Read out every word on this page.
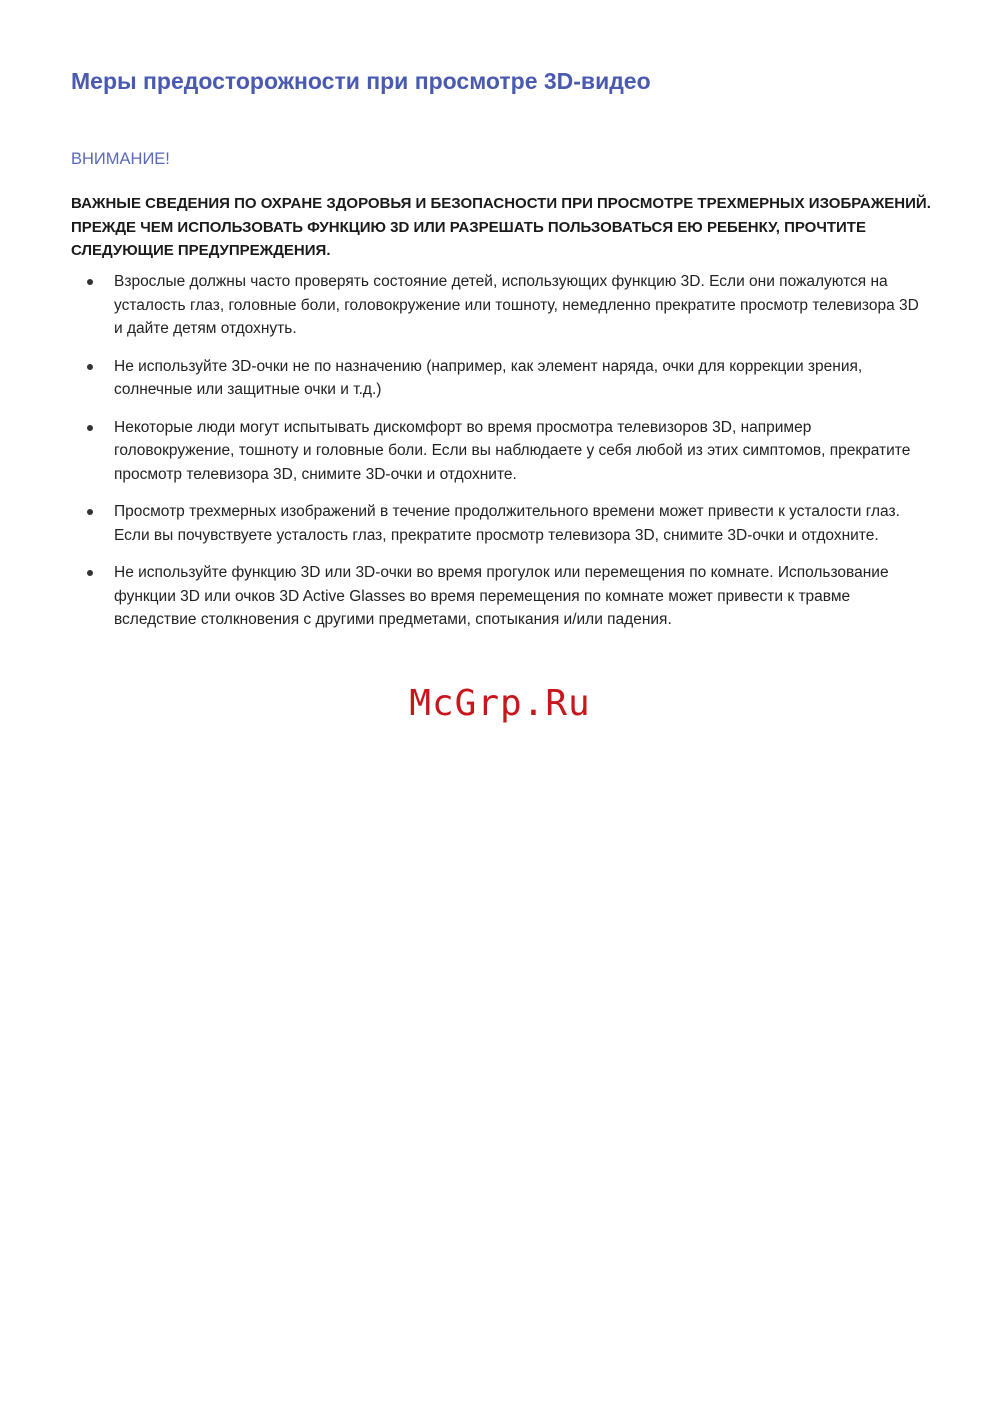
Меры предосторожности при просмотре 3D-видео
ВНИМАНИЕ!

ВАЖНЫЕ СВЕДЕНИЯ ПО ОХРАНЕ ЗДОРОВЬЯ И БЕЗОПАСНОСТИ ПРИ ПРОСМОТРЕ ТРЕХМЕРНЫХ ИЗОБРАЖЕНИЙ. ПРЕЖДЕ ЧЕМ ИСПОЛЬЗОВАТЬ ФУНКЦИЮ 3D ИЛИ РАЗРЕШАТЬ ПОЛЬЗОВАТЬСЯ ЕЮ РЕБЕНКУ, ПРОЧТИТЕ СЛЕДУЮЩИЕ ПРЕДУПРЕЖДЕНИЯ.

Взрослые должны часто проверять состояние детей, использующих функцию 3D. Если они пожалуются на усталость глаз, головные боли, головокружение или тошноту, немедленно прекратите просмотр телевизора 3D и дайте детям отдохнуть.
Не используйте 3D-очки не по назначению (например, как элемент наряда, очки для коррекции зрения, солнечные или защитные очки и т.д.)
Некоторые люди могут испытывать дискомфорт во время просмотра телевизоров 3D, например головокружение, тошноту и головные боли. Если вы наблюдаете у себя любой из этих симптомов, прекратите просмотр телевизора 3D, снимите 3D-очки и отдохните.
Просмотр трехмерных изображений в течение продолжительного времени может привести к усталости глаз. Если вы почувствуете усталость глаз, прекратите просмотр телевизора 3D, снимите 3D-очки и отдохните.
Не используйте функцию 3D или 3D-очки во время прогулок или перемещения по комнате. Использование функции 3D или очков 3D Active Glasses во время перемещения по комнате может привести к травме вследствие столкновения с другими предметами, спотыкания и/или падения.
McGrp.Ru
